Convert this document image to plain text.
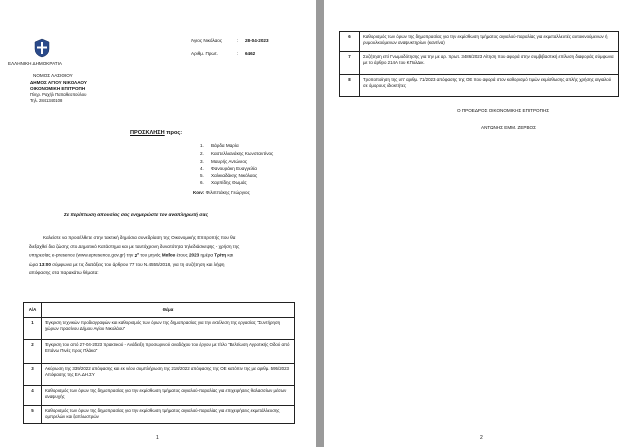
ΕΛΛΗΝΙΚΗ ΔΗΜΟΚΡΑΤΙΑ
ΝΟΜΟΣ ΛΑΣΙΘΙΟΥ
ΔΗΜΟΣ ΑΓΙΟΥ ΝΙΚΟΛΑΟΥ
ΟΙΚΟΝΟΜΙΚΗ ΕΠΙΤΡΟΠΗ
Πληρ. Ραχήλ Παπαθεοπούλου
Τηλ. 2841340108
Άγιος Νικόλαος	: 28-04-2023
Αριθμ. Πρωτ.	: 6462
ΠΡΟΣΚΛΗΣΗ προς:
1. Βάρδα Μαρία
2. Καστελλιανάκης Κωνσταντίνος
3. Μαυρής Αντώνιος
4. Φανουράκη Ευαγγελία
5. Χαλκιαδάκης Νικόλαος
6. Χαρπίδης Θωμάς
Κοιν: Φιλιππάκης Γεώργιος
Σε περίπτωση απουσίας σας ενημερώστε τον αναπληρωτή σας
Καλείστε να προσέλθετε στην τακτική δημόσια συνεδρίαση της Οικονομικής Επιτροπής που θα
διεξαχθεί δια ζώσης στο Δημοτικό Κατάστημα και με ταυτόχρονη δυνατότητα τηλεδιάσκεψης - χρήση της
υπηρεσίας e-presence (www.epresence.gov.gr) την $2^\alpha$ του μηνός Μαΐου έτους 2023 ημέρα Τρίτη και
ώρα 13:00 σύμφωνα με τις διατάξεις του άρθρου 77 του Ν.4555/2018, για τη συζήτηση και λήψη
απόφασης στα παρακάτω θέματα:
Α/Α	Θέμα
1	Έγκριση τεχνικών προδιαγραφών και καθορισμός των όρων της δημοπρασίας για την εκτέλεση της εργασίας "Συντήρηση χώρων πρασίνου Δήμου Αγίου Νικολάου"
2	Έγκριση του από 27-04-2023 πρακτικού - Ανάδειξη προσωρινού αναδόχου του έργου με τίτλο "Βελτίωση Αγροτικής Οδού από Επάνω Πινές προς Πλάκα"
3	Ακύρωση της 339/2022 απόφασης και εκ νέου συμπλήρωση της 218/2022 απόφασης της ΟΕ κατόπιν της με αριθμ. 595/2023 Απόφασης της ΕΑ.ΔΗ.ΣΥ
4	Καθορισμός των όρων της δημοπρασίας για την εκμίσθωση τμήματος αιγιαλού-παραλίας για επιχειρήσεις θαλασσίων μέσων αναψυχής
5	Καθορισμός των όρων της δημοπρασίας για την εκμίσθωση τμήματος αιγιαλού-παραλίας για επιχειρήσεις εκμετάλλευσης ομπρελών και ξαπλωστρών
1
6	Καθορισμός των όρων της δημοπρασίας για την εκμίσθωση τμήματος αιγιαλού-παραλίας για εκμεταλλευτές αυτοκινούμενων ή ρυμουλκούμενων αναψυκτηρίων (καντίνα)
7	Συζήτηση επί Γνωμοδότησης για την με αρ. πρωτ. 3486/2023 Αίτηση που αφορά στην συμβιβαστική επίλυση διαφοράς σύμφωνα με το άρθρο 214Α του ΚΠολΔικ.
8	Τροποποίηση της υπ' αριθμ. 71/2023 απόφασης της ΟΕ που αφορά στον καθορισμό τιμών εκμίσθωσης απλής χρήσης αιγιαλού σε όμορους ιδιοκτήτες
Ο ΠΡΟΕΔΡΟΣ ΟΙΚΟΝΟΜΙΚΗΣ ΕΠΙΤΡΟΠΗΣ
ΑΝΤΩΝΗΣ ΕΜΜ. ΖΕΡΒΟΣ
2
